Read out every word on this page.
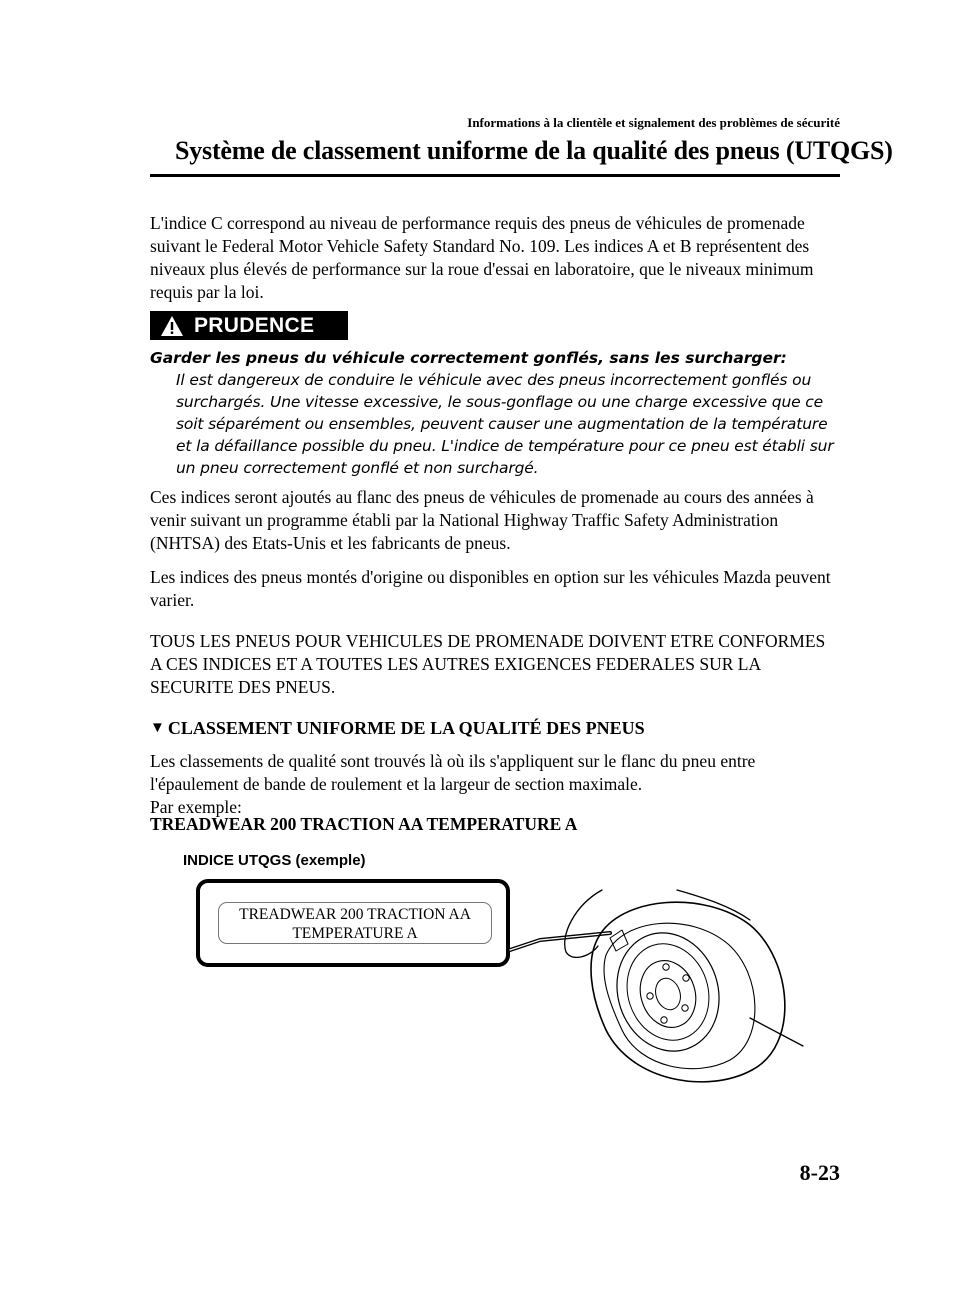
Informations à la clientèle et signalement des problèmes de sécurité
Système de classement uniforme de la qualité des pneus (UTQGS)
L'indice C correspond au niveau de performance requis des pneus de véhicules de promenade suivant le Federal Motor Vehicle Safety Standard No. 109. Les indices A et B représentent des niveaux plus élevés de performance sur la roue d'essai en laboratoire, que le niveaux minimum requis par la loi.
PRUDENCE
Garder les pneus du véhicule correctement gonflés, sans les surcharger:
Il est dangereux de conduire le véhicule avec des pneus incorrectement gonflés ou
surchargés. Une vitesse excessive, le sous-gonflage ou une charge excessive que ce
soit séparément ou ensembles, peuvent causer une augmentation de la température
et la défaillance possible du pneu. L'indice de température pour ce pneu est établi sur
un pneu correctement gonflé et non surchargé.
Ces indices seront ajoutés au flanc des pneus de véhicules de promenade au cours des années à venir suivant un programme établi par la National Highway Traffic Safety Administration (NHTSA) des Etats-Unis et les fabricants de pneus.
Les indices des pneus montés d'origine ou disponibles en option sur les véhicules Mazda peuvent varier.
TOUS LES PNEUS POUR VEHICULES DE PROMENADE DOIVENT ETRE CONFORMES A CES INDICES ET A TOUTES LES AUTRES EXIGENCES FEDERALES SUR LA SECURITE DES PNEUS.
▼ CLASSEMENT UNIFORME DE LA QUALITÉ DES PNEUS
Les classements de qualité sont trouvés là où ils s'appliquent sur le flanc du pneu entre l'épaulement de bande de roulement et la largeur de section maximale.
Par exemple:
TREADWEAR 200 TRACTION AA TEMPERATURE A
INDICE UTQGS (exemple)
TREADWEAR 200 TRACTION AA
TEMPERATURE A
8-23
